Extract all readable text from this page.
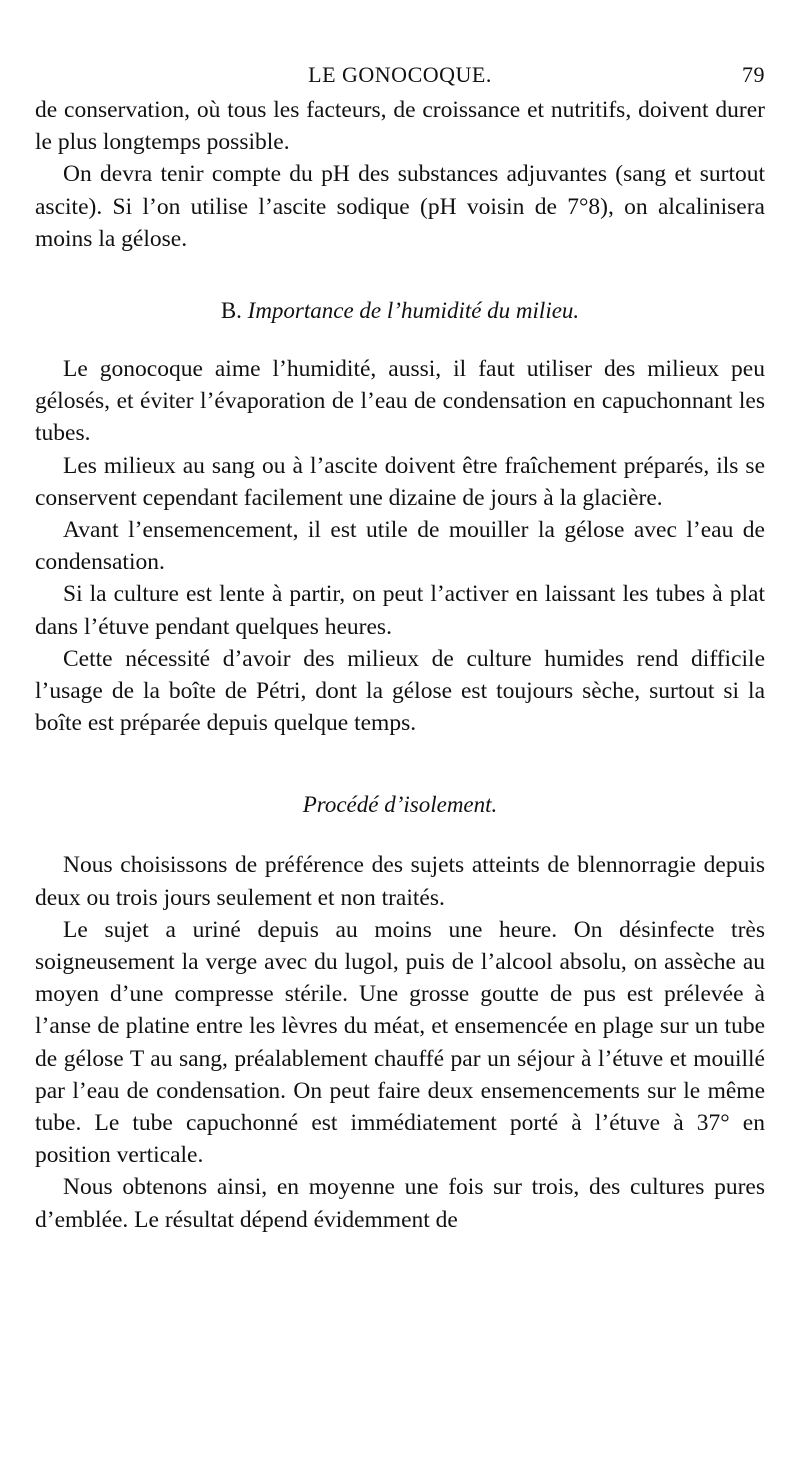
LE GONOCOQUE.	79

de conservation, où tous les facteurs, de croissance et nutritifs, doivent durer le plus longtemps possible.

On devra tenir compte du pH des substances adjuvantes (sang et surtout ascite). Si l’on utilise l’ascite sodique (pH voisin de 7°8), on alcalinisera moins la gélose.

B. Importance de l’humidité du milieu.

Le gonocoque aime l’humidité, aussi, il faut utiliser des milieux peu gélosés, et éviter l’évaporation de l’eau de condensation en capuchonnant les tubes.

Les milieux au sang ou à l’ascite doivent être fraîchement préparés, ils se conservent cependant facilement une dizaine de jours à la glacière.

Avant l’ensemencement, il est utile de mouiller la gélose avec l’eau de condensation.

Si la culture est lente à partir, on peut l’activer en laissant les tubes à plat dans l’étuve pendant quelques heures.

Cette nécessité d’avoir des milieux de culture humides rend difficile l’usage de la boîte de Pétri, dont la gélose est toujours sèche, surtout si la boîte est préparée depuis quelque temps.

Procédé d’isolement.

Nous choisissons de préférence des sujets atteints de blennorragie depuis deux ou trois jours seulement et non traités.

Le sujet a uriné depuis au moins une heure. On désinfecte très soigneusement la verge avec du lugol, puis de l’alcool absolu, on assèche au moyen d’une compresse stérile. Une grosse goutte de pus est prélevée à l’anse de platine entre les lèvres du méat, et ensemencée en plage sur un tube de gélose T au sang, préalablement chauffé par un séjour à l’étuve et mouillé par l’eau de condensation. On peut faire deux ensemencements sur le même tube. Le tube capuchonné est immédiatement porté à l’étuve à 37° en position verticale.

Nous obtenons ainsi, en moyenne une fois sur trois, des cultures pures d’emblée. Le résultat dépend évidemment de
